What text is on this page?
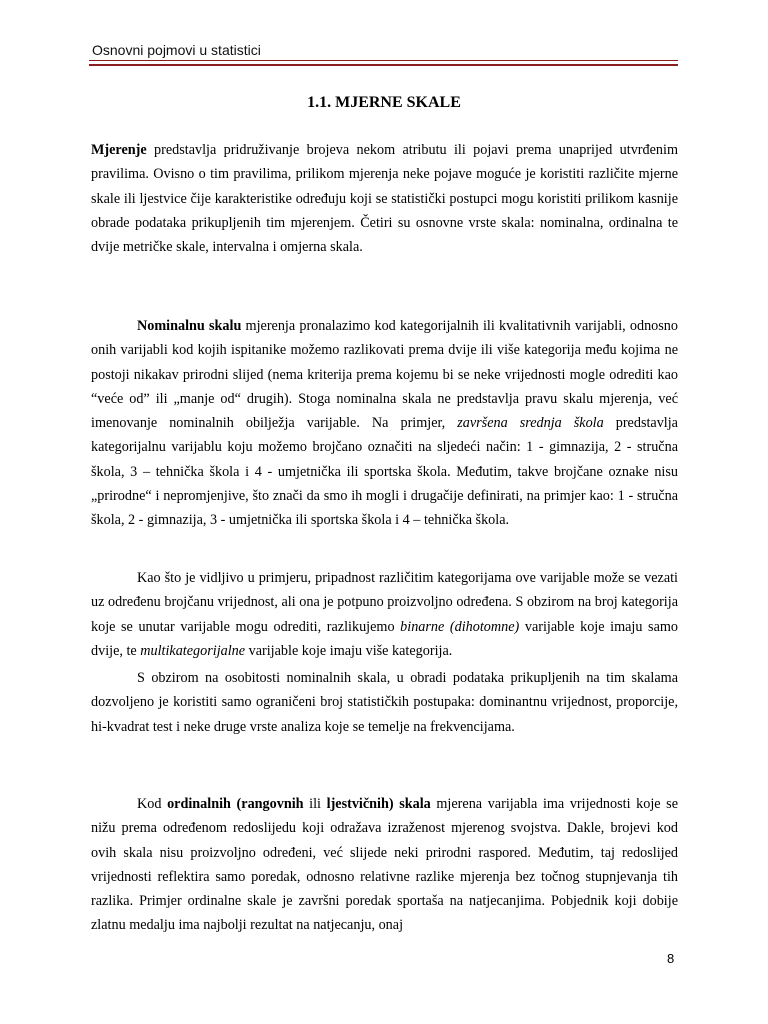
Osnovni pojmovi u statistici
1.1. MJERNE SKALE

Mjerenje predstavlja pridruživanje brojeva nekom atributu ili pojavi prema unaprijed utvrđenim pravilima. Ovisno o tim pravilima, prilikom mjerenja neke pojave moguće je koristiti različite mjerne skale ili ljestvice čije karakteristike određuju koji se statistički postupci mogu koristiti prilikom kasnije obrade podataka prikupljenih tim mjerenjem. Četiri su osnovne vrste skala: nominalna, ordinalna te dvije metričke skale, intervalna i omjerna skala.

Nominalnu skalu mjerenja pronalazimo kod kategorijalnih ili kvalitativnih varijabli, odnosno onih varijabli kod kojih ispitanike možemo razlikovati prema dvije ili više kategorija među kojima ne postoji nikakav prirodni slijed (nema kriterija prema kojemu bi se neke vrijednosti mogle odrediti kao “veće od” ili „manje od“ drugih). Stoga nominalna skala ne predstavlja pravu skalu mjerenja, već imenovanje nominalnih obilježja varijable. Na primjer, završena srednja škola predstavlja kategorijalnu varijablu koju možemo brojčano označiti na sljedeći način: 1 - gimnazija, 2 - stručna škola, 3 – tehnička škola i 4 - umjetnička ili sportska škola. Međutim, takve brojčane oznake nisu „prirodne“ i nepromjenjive, što znači da smo ih mogli i drugačije definirati, na primjer kao: 1 - stručna škola, 2 - gimnazija, 3 - umjetnička ili sportska škola i 4 – tehnička škola.

Kao što je vidljivo u primjeru, pripadnost različitim kategorijama ove varijable može se vezati uz određenu brojčanu vrijednost, ali ona je potpuno proizvoljno određena. S obzirom na broj kategorija koje se unutar varijable mogu odrediti, razlikujemo binarne (dihotomne) varijable koje imaju samo dvije, te multikategorijalne varijable koje imaju više kategorija.

S obzirom na osobitosti nominalnih skala, u obradi podataka prikupljenih na tim skalama dozvoljeno je koristiti samo ograničeni broj statističkih postupaka: dominantnu vrijednost, proporcije, hi-kvadrat test i neke druge vrste analiza koje se temelje na frekvencijama.

Kod ordinalnih (rangovnih ili ljestvičnih) skala mjerena varijabla ima vrijednosti koje se nižu prema određenom redoslijedu koji odražava izraženost mjerenog svojstva. Dakle, brojevi kod ovih skala nisu proizvoljno određeni, već slijede neki prirodni raspored. Međutim, taj redoslijed vrijednosti reflektira samo poredak, odnosno relativne razlike mjerenja bez točnog stupnjevanja tih razlika. Primjer ordinalne skale je završni poredak sportaša na natjecanjima. Pobjednik koji dobije zlatnu medalju ima najbolji rezultat na natjecanju, onaj

8
